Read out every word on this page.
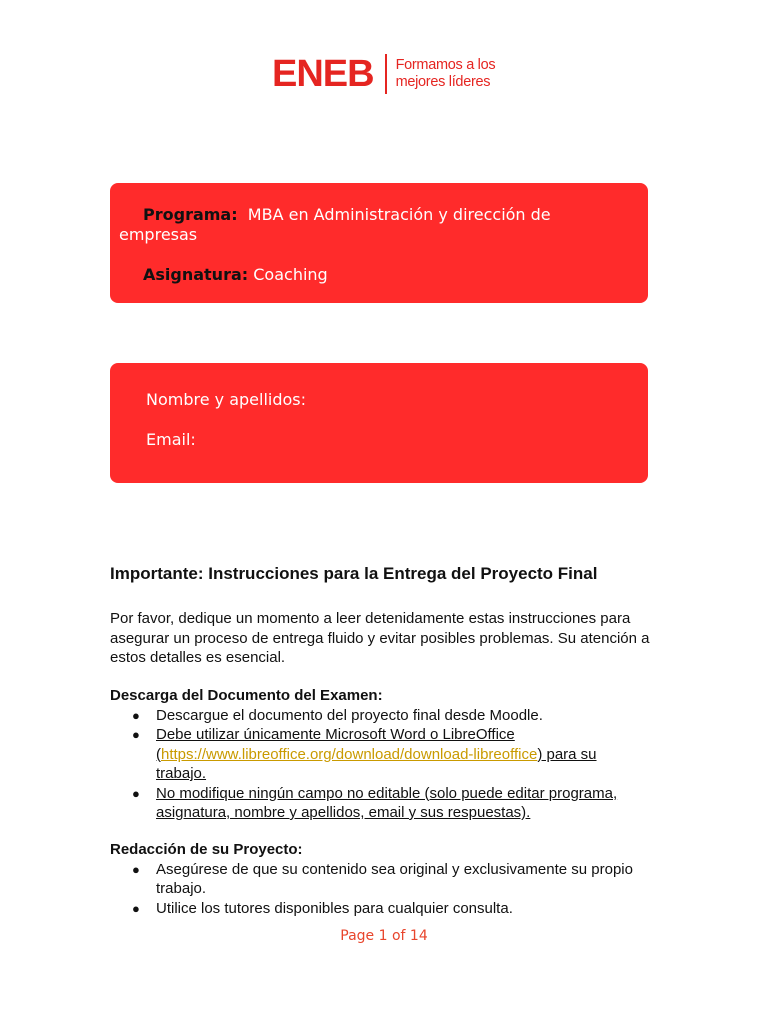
ENEB Formamos a los
mejores líderes
Programa: MBA en Administración y dirección de
empresas
Asignatura: Coaching
Nombre y apellidos:
Email:
Importante: Instrucciones para la Entrega del Proyecto Final
Por favor, dedique un momento a leer detenidamente estas instrucciones para asegurar un proceso de entrega fluido y evitar posibles problemas. Su atención a estos detalles es esencial.
Descarga del Documento del Examen:
● Descargue el documento del proyecto final desde Moodle.
● Debe utilizar únicamente Microsoft Word o LibreOffice (https://www.libreoffice.org/download/download-libreoffice) para su trabajo.
● No modifique ningún campo no editable (solo puede editar programa, asignatura, nombre y apellidos, email y sus respuestas).
Redacción de su Proyecto:
● Asegúrese de que su contenido sea original y exclusivamente su propio trabajo.
● Utilice los tutores disponibles para cualquier consulta.
Page 1 of 14
